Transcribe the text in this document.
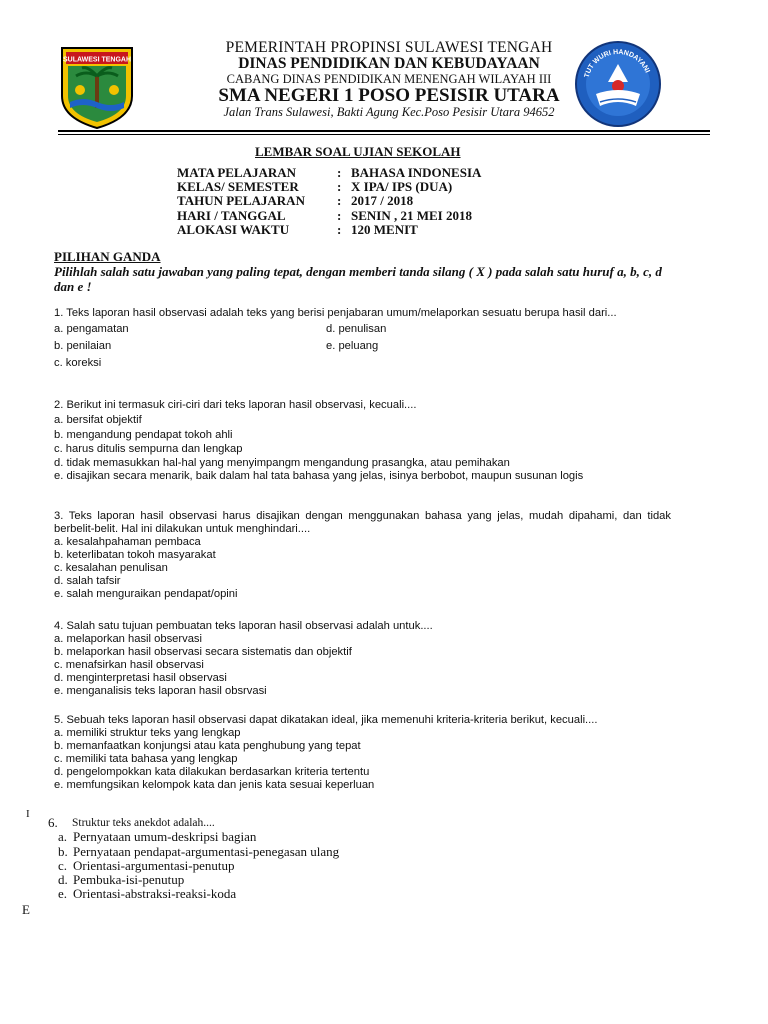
SULAWESI TENGAH
TUT WURI HANDAYANI
PEMERINTAH PROPINSI SULAWESI TENGAH
DINAS PENDIDIKAN DAN KEBUDAYAAN
CABANG DINAS PENDIDIKAN MENENGAH WILAYAH III
SMA NEGERI 1 POSO PESISIR UTARA
Jalan Trans Sulawesi, Bakti Agung Kec.Poso Pesisir Utara 94652
LEMBAR SOAL UJIAN SEKOLAH
MATA PELAJARAN	: BAHASA INDONESIA
KELAS/ SEMESTER	: X IPA/ IPS (DUA)
TAHUN PELAJARAN	: 2017 / 2018
HARI / TANGGAL	: SENIN , 21 MEI 2018
ALOKASI WAKTU	: 120 MENIT
PILIHAN GANDA
Pilihlah salah satu jawaban yang paling tepat, dengan memberi tanda silang ( X ) pada salah satu huruf a, b, c, d dan e !
1. Teks laporan hasil observasi adalah teks yang berisi penjabaran umum/melaporkan sesuatu berupa hasil dari...
a. pengamatan	d. penulisan
b. penilaian	e. peluang
c. koreksi
2. Berikut ini termasuk ciri-ciri dari teks laporan hasil observasi, kecuali....
a. bersifat objektif
b. mengandung pendapat tokoh ahli
c. harus ditulis sempurna dan lengkap
d. tidak memasukkan hal-hal yang menyimpangm mengandung prasangka, atau pemihakan
e. disajikan secara menarik, baik dalam hal tata bahasa yang jelas, isinya berbobot, maupun susunan logis
3. Teks laporan hasil observasi harus disajikan dengan menggunakan bahasa yang jelas, mudah dipahami, dan tidak berbelit-belit. Hal ini dilakukan untuk menghindari....
a. kesalahpahaman pembaca
b. keterlibatan tokoh masyarakat
c. kesalahan penulisan
d. salah tafsir
e. salah menguraikan pendapat/opini
4. Salah satu tujuan pembuatan teks laporan hasil observasi adalah untuk....
a. melaporkan hasil observasi
b. melaporkan hasil observasi secara sistematis dan objektif
c. menafsirkan hasil observasi
d. menginterpretasi hasil observasi
e. menganalisis teks laporan hasil obsrvasi
5. Sebuah teks laporan hasil observasi dapat dikatakan ideal, jika memenuhi kriteria-kriteria berikut, kecuali....
a. memiliki struktur teks yang lengkap
b. memanfaatkan konjungsi atau kata penghubung yang tepat
c. memiliki tata bahasa yang lengkap
d. pengelompokkan kata dilakukan berdasarkan kriteria tertentu
e. memfungsikan kelompok kata dan jenis kata sesuai keperluan
I
6.	Struktur teks anekdot adalah....
a. Pernyataan umum-deskripsi bagian
b. Pernyataan pendapat-argumentasi-penegasan ulang
c. Orientasi-argumentasi-penutup
d. Pembuka-isi-penutup
e. Orientasi-abstraksi-reaksi-koda
E
